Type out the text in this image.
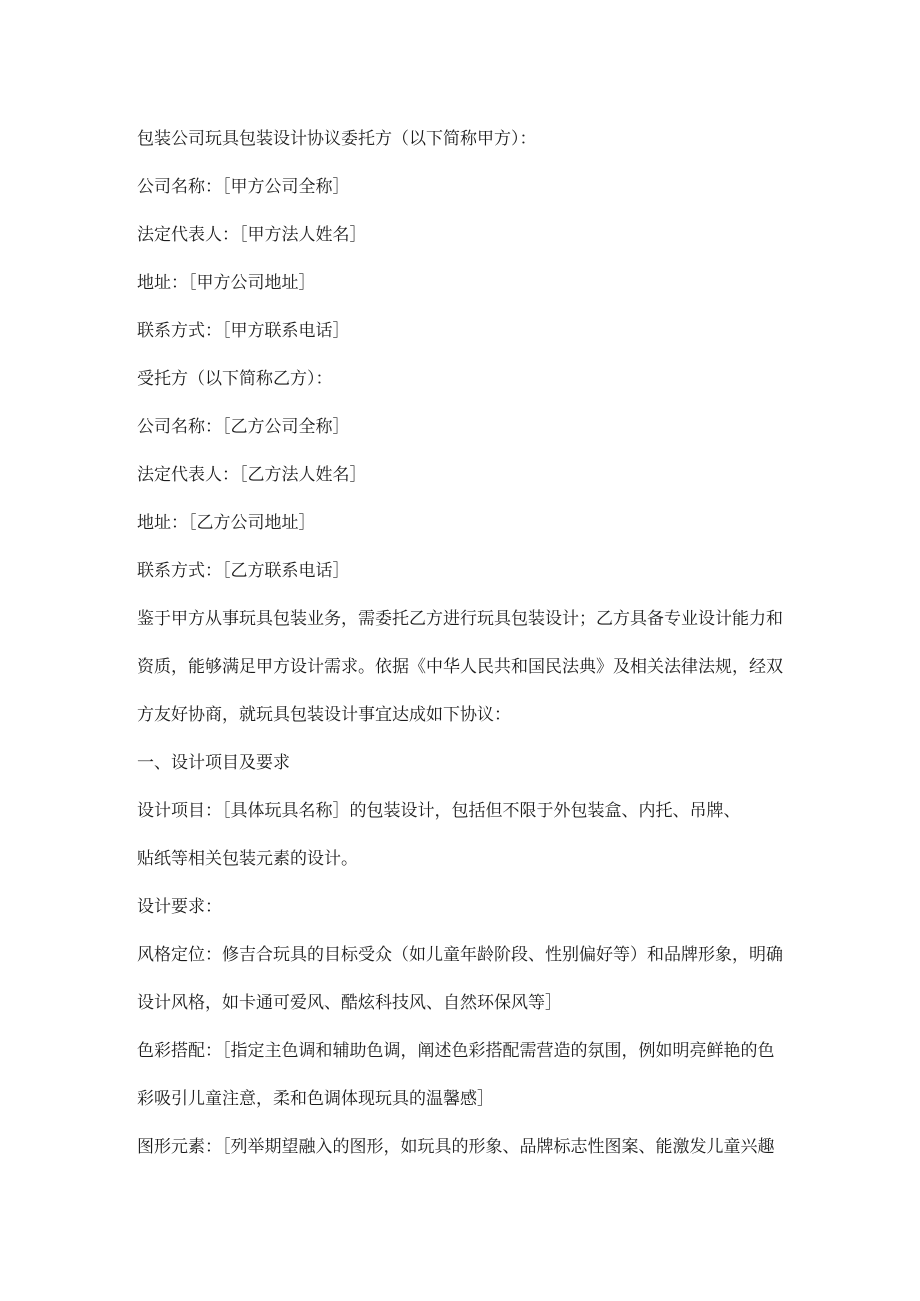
包装公司玩具包装设计协议委托方（以下简称甲方）：

公司名称：［甲方公司全称］

法定代表人：［甲方法人姓名］

地址：［甲方公司地址］

联系方式：［甲方联系电话］

受托方（以下简称乙方）：

公司名称：［乙方公司全称］

法定代表人：［乙方法人姓名］

地址：［乙方公司地址］

联系方式：［乙方联系电话］

鉴于甲方从事玩具包装业务，需委托乙方进行玩具包装设计；乙方具备专业设计能力和

资质，能够满足甲方设计需求。依据《中华人民共和国民法典》及相关法律法规，经双

方友好协商，就玩具包装设计事宜达成如下协议：

一、设计项目及要求

设计项目：［具体玩具名称］的包装设计，包括但不限于外包装盒、内托、吊牌、

贴纸等相关包装元素的设计。

设计要求：

风格定位：修吉合玩具的目标受众（如儿童年龄阶段、性别偏好等）和品牌形象，明确

设计风格，如卡通可爱风、酷炫科技风、自然环保风等］

色彩搭配：［指定主色调和辅助色调，阐述色彩搭配需营造的氛围，例如明亮鲜艳的色

彩吸引儿童注意，柔和色调体现玩具的温馨感］

图形元素：［列举期望融入的图形，如玩具的形象、品牌标志性图案、能激发儿童兴趣
